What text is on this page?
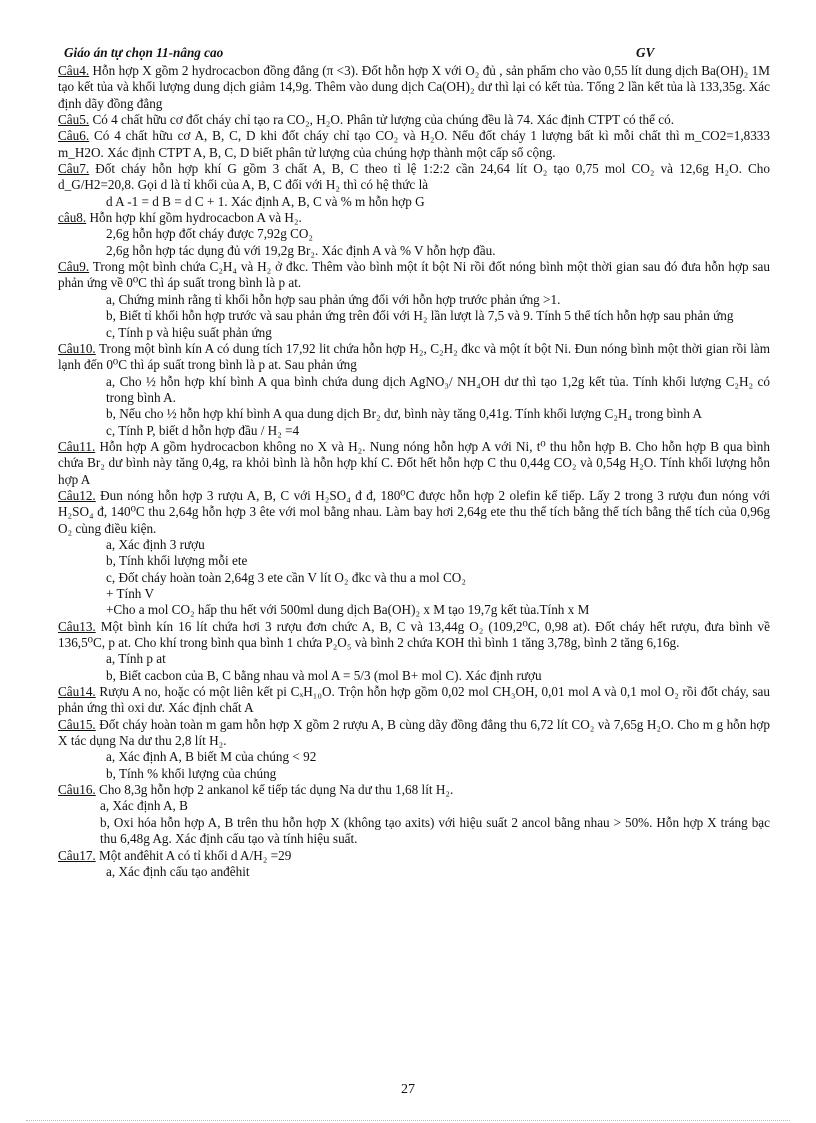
Giáo án tự chọn 11-nâng cao	GV

Câu4. Hỗn hợp X gồm 2 hydrocacbon đồng đẳng (π <3). Đốt hỗn hợp X với O₂ đủ , sản phẩm cho vào 0,55 lít dung dịch Ba(OH)₂ 1M tạo kết tủa và khối lượng dung dịch giảm 14,9g. Thêm vào dung dịch Ca(OH)₂ dư thì lại có kết tủa. Tổng 2 lần kết tủa là 133,35g. Xác định dãy đồng đẳng

Câu5. Có 4 chất hữu cơ đốt cháy chỉ tạo ra CO₂, H₂O. Phân tử lượng của chúng đều là 74. Xác định CTPT có thể có.

Câu6. Có 4 chất hữu cơ A, B, C, D khi đốt cháy chỉ tạo CO₂ và H₂O. Nếu đốt cháy 1 lượng bất kì mỗi chất thì m_CO2=1,8333 m_H2O. Xác định CTPT A, B, C, D biết phân tử lượng của chúng hợp thành một cấp số cộng.

Câu7. Đốt cháy hỗn hợp khí G gồm 3 chất A, B, C theo tỉ lệ 1:2:2 cần 24,64 lít O₂ tạo 0,75 mol CO₂ và 12,6g H₂O. Cho d_G/H2=20,8. Gọi d là tỉ khối của A, B, C đối với H₂ thì có hệ thức là

d A -1 = d B = d C + 1. Xác định A, B, C và % m hỗn hợp G

câu8. Hỗn hợp khí gồm hydrocacbon A và H₂.

2,6g hỗn hợp đốt cháy được 7,92g CO₂

2,6g hỗn hợp tác dụng đủ với 19,2g Br₂. Xác định A và % V hỗn hợp đầu.

Câu9. Trong một bình chứa C₂H₄ và H₂ ở đkc. Thêm vào bình một ít bột Ni rồi đốt nóng bình một thời gian sau đó đưa hỗn hợp sau phản ứng về 0⁰C thì áp suất trong bình là p at.

a, Chứng minh rằng tỉ khối hỗn hợp sau phản ứng đối với hỗn hợp trước phản ứng >1.

b, Biết tỉ khối hỗn hợp trước và sau phản ứng trên đối với H₂ lần lượt là 7,5 và 9. Tính 5 thể tích hỗn hợp sau phản ứng

c, Tính p và hiệu suất phản ứng

Câu10. Trong một bình kín A có dung tích 17,92 lit chứa hỗn hợp H₂, C₂H₂ đkc và một ít bột Ni. Đun nóng bình một thời gian rồi làm lạnh đến 0⁰C thì áp suất trong bình là p at. Sau phản ứng

a, Cho ½ hỗn hợp khí bình A qua bình chứa dung dịch AgNO₃/ NH₄OH dư thì tạo 1,2g kết tủa. Tính khối lượng C₂H₂ có trong bình A.

b, Nếu cho ½ hỗn hợp khí bình A qua dung dịch Br₂ dư, bình này tăng 0,41g. Tính khối lượng C₂H₄ trong bình A

c, Tính P, biết d hỗn hợp đầu / H₂ =4

Câu11. Hỗn hợp A gồm hydrocacbon không no X và H₂. Nung nóng hỗn hợp A với Ni, t⁰ thu hỗn hợp B. Cho hỗn hợp B qua bình chứa Br₂ dư bình này tăng 0,4g, ra khỏi bình là hỗn hợp khí C. Đốt hết hỗn hợp C thu 0,44g CO₂ và 0,54g H₂O. Tính khối lượng hỗn hợp A

Câu12. Đun nóng hỗn hợp 3 rượu A, B, C với H₂SO₄ đ đ, 180⁰C được hỗn hợp 2 olefin kế tiếp. Lấy 2 trong 3 rượu đun nóng với H₂SO₄ đ, 140⁰C thu 2,64g hỗn hợp 3 ête với mol bằng nhau. Làm bay hơi 2,64g ete thu thể tích bằng thể tích bằng thể tích của 0,96g O₂ cùng điều kiện.

a, Xác định 3 rượu

b, Tính khối lượng mỗi ete

c, Đốt cháy hoàn toàn 2,64g 3 ete cần V lít O₂ đkc và thu a mol CO₂

+ Tính V

+Cho a mol CO₂ hấp thu hết với 500ml dung dịch Ba(OH)₂ x M tạo 19,7g kết tủa.Tính x M

Câu13. Một bình kín 16 lít chứa hơi 3 rượu đơn chức A, B, C và 13,44g O₂ (109,2⁰C, 0,98 at). Đốt cháy hết rượu, đưa bình về 136,5⁰C, p at. Cho khí trong bình qua bình 1 chứa P₂O₅ và bình 2 chứa KOH thì bình 1 tăng 3,78g, bình 2 tăng 6,16g.

a, Tính p at

b, Biết cacbon của B, C bằng nhau và mol A = 5/3 (mol B+ mol C). Xác định rượu

Câu14. Rượu A no, hoặc có một liên kết pi CₓH₁₀O. Trộn hỗn hợp gồm 0,02 mol CH₃OH, 0,01 mol A và 0,1 mol O₂ rồi đốt cháy, sau phản ứng thì oxi dư. Xác định chất A

Câu15. Đốt cháy hoàn toàn m gam hỗn hợp X gồm 2 rượu A, B cùng dãy đồng đẳng thu 6,72 lít CO₂ và 7,65g H₂O. Cho m g hỗn hợp X tác dụng Na dư thu 2,8 lít H₂.

a, Xác định A, B biết M của chúng < 92

b, Tính % khối lượng của chúng

Câu16. Cho 8,3g hỗn hợp 2 ankanol kế tiếp tác dụng Na dư thu 1,68 lít H₂.

a, Xác định A, B

b, Oxi hóa hỗn hợp A, B trên thu hỗn hợp X (không tạo axits) với hiệu suất 2 ancol bằng nhau > 50%. Hỗn hợp X tráng bạc thu 6,48g Ag. Xác định cấu tạo và tính hiệu suất.

Câu17. Một anđêhit A có tỉ khối d A/H₂ =29

a, Xác định cấu tạo anđêhit

27
